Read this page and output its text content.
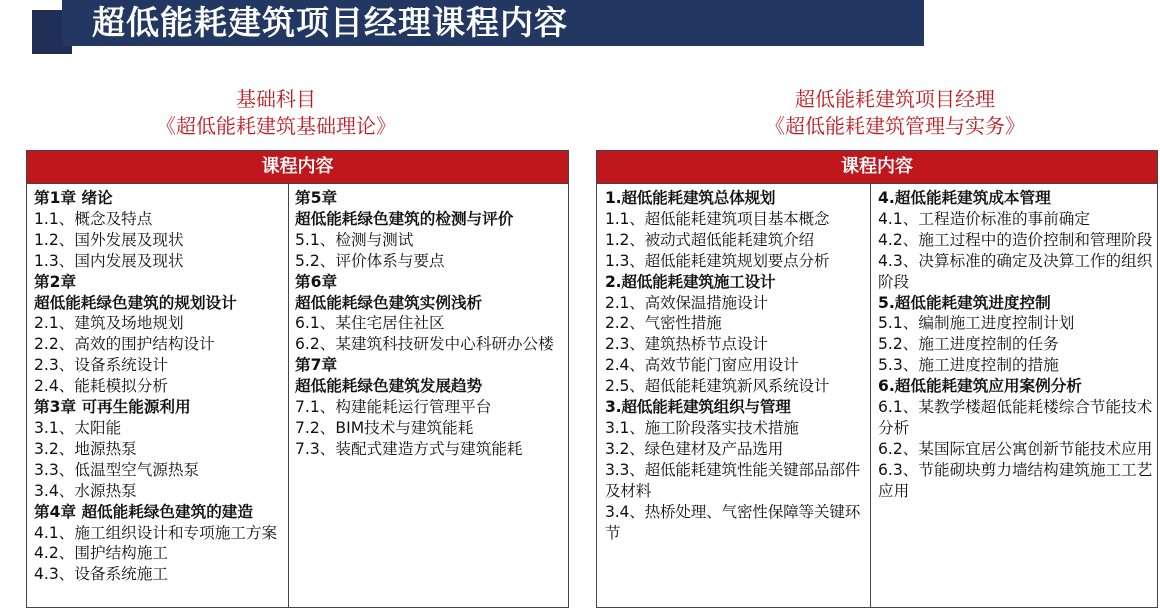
超低能耗建筑项目经理课程内容
基础科目
《超低能耗建筑基础理论》
超低能耗建筑项目经理
《超低能耗建筑管理与实务》
课程内容
第1章 绪论
1.1、概念及特点
1.2、国外发展及现状
1.3、国内发展及现状
第2章
超低能耗绿色建筑的规划设计
2.1、建筑及场地规划
2.2、高效的围护结构设计
2.3、设备系统设计
2.4、能耗模拟分析
第3章 可再生能源利用
3.1、太阳能
3.2、地源热泵
3.3、低温型空气源热泵
3.4、水源热泵
第4章 超低能耗绿色建筑的建造
4.1、施工组织设计和专项施工方案
4.2、围护结构施工
4.3、设备系统施工
第5章
超低能耗绿色建筑的检测与评价
5.1、检测与测试
5.2、评价体系与要点
第6章
超低能耗绿色建筑实例浅析
6.1、某住宅居住社区
6.2、某建筑科技研发中心科研办公楼
第7章
超低能耗绿色建筑发展趋势
7.1、构建能耗运行管理平台
7.2、BIM技术与建筑能耗
7.3、装配式建造方式与建筑能耗
课程内容
1.超低能耗建筑总体规划
1.1、超低能耗建筑项目基本概念
1.2、被动式超低能耗建筑介绍
1.3、超低能耗建筑规划要点分析
2.超低能耗建筑施工设计
2.1、高效保温措施设计
2.2、气密性措施
2.3、建筑热桥节点设计
2.4、高效节能门窗应用设计
2.5、超低能耗建筑新风系统设计
3.超低能耗建筑组织与管理
3.1、施工阶段落实技术措施
3.2、绿色建材及产品选用
3.3、超低能耗建筑性能关键部品部件及材料
3.4、热桥处理、气密性保障等关键环节
4.超低能耗建筑成本管理
4.1、工程造价标准的事前确定
4.2、施工过程中的造价控制和管理阶段
4.3、决算标准的确定及决算工作的组织阶段
5.超低能耗建筑进度控制
5.1、编制施工进度控制计划
5.2、施工进度控制的任务
5.3、施工进度控制的措施
6.超低能耗建筑应用案例分析
6.1、某教学楼超低能耗楼综合节能技术分析
6.2、某国际宜居公寓创新节能技术应用
6.3、节能砌块剪力墙结构建筑施工工艺应用
